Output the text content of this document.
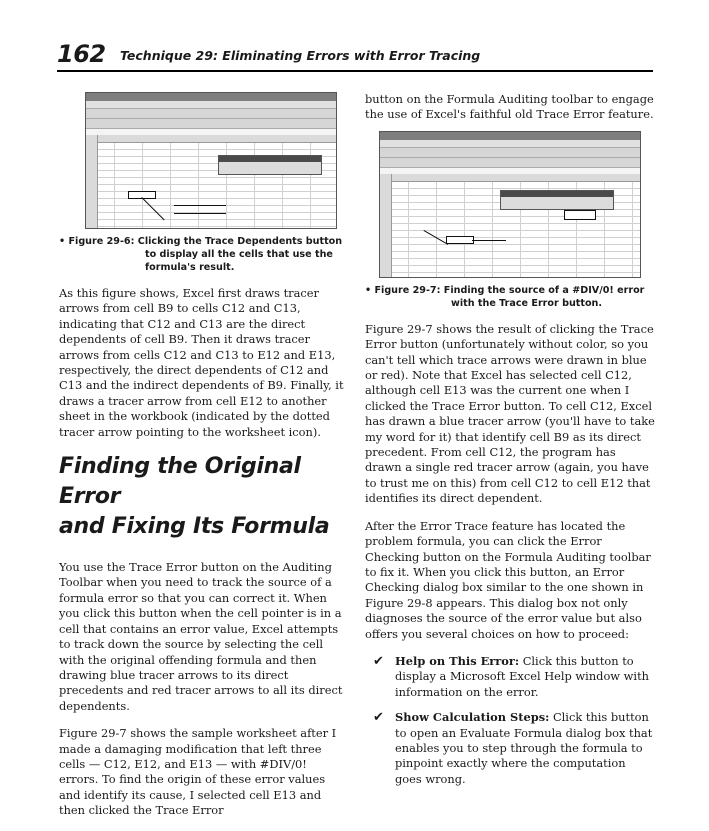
162 Technique 29: Eliminating Errors with Error Tracing

• Figure 29-6: Clicking the Trace Dependents button to display all the cells that use the formula's result.

As this figure shows, Excel first draws tracer arrows from cell B9 to cells C12 and C13, indicating that C12 and C13 are the direct dependents of cell B9. Then it draws tracer arrows from cells C12 and C13 to E12 and E13, respectively, the direct dependents of C12 and C13 and the indirect dependents of B9. Finally, it draws a tracer arrow from cell E12 to another sheet in the workbook (indicated by the dotted tracer arrow pointing to the worksheet icon).

Finding the Original Error
and Fixing Its Formula

You use the Trace Error button on the Auditing Toolbar when you need to track the source of a formula error so that you can correct it. When you click this button when the cell pointer is in a cell that contains an error value, Excel attempts to track down the source by selecting the cell with the original offending formula and then drawing blue tracer arrows to its direct precedents and red tracer arrows to all its direct dependents.

Figure 29-7 shows the sample worksheet after I made a damaging modification that left three cells — C12, E12, and E13 — with #DIV/0! errors. To find the origin of these error values and identify its cause, I selected cell E13 and then clicked the Trace Error

button on the Formula Auditing toolbar to engage the use of Excel's faithful old Trace Error feature.

• Figure 29-7: Finding the source of a #DIV/0! error with the Trace Error button.

Figure 29-7 shows the result of clicking the Trace Error button (unfortunately without color, so you can't tell which trace arrows were drawn in blue or red). Note that Excel has selected cell C12, although cell E13 was the current one when I clicked the Trace Error button. To cell C12, Excel has drawn a blue tracer arrow (you'll have to take my word for it) that identify cell B9 as its direct precedent. From cell C12, the program has drawn a single red tracer arrow (again, you have to trust me on this) from cell C12 to cell E12 that identifies its direct dependent.

After the Error Trace feature has located the problem formula, you can click the Error Checking button on the Formula Auditing toolbar to fix it. When you click this button, an Error Checking dialog box similar to the one shown in Figure 29-8 appears. This dialog box not only diagnoses the source of the error value but also offers you several choices on how to proceed:

✔ Help on This Error: Click this button to display a Microsoft Excel Help window with information on the error.
✔ Show Calculation Steps: Click this button to open an Evaluate Formula dialog box that enables you to step through the formula to pinpoint exactly where the computation goes wrong.
